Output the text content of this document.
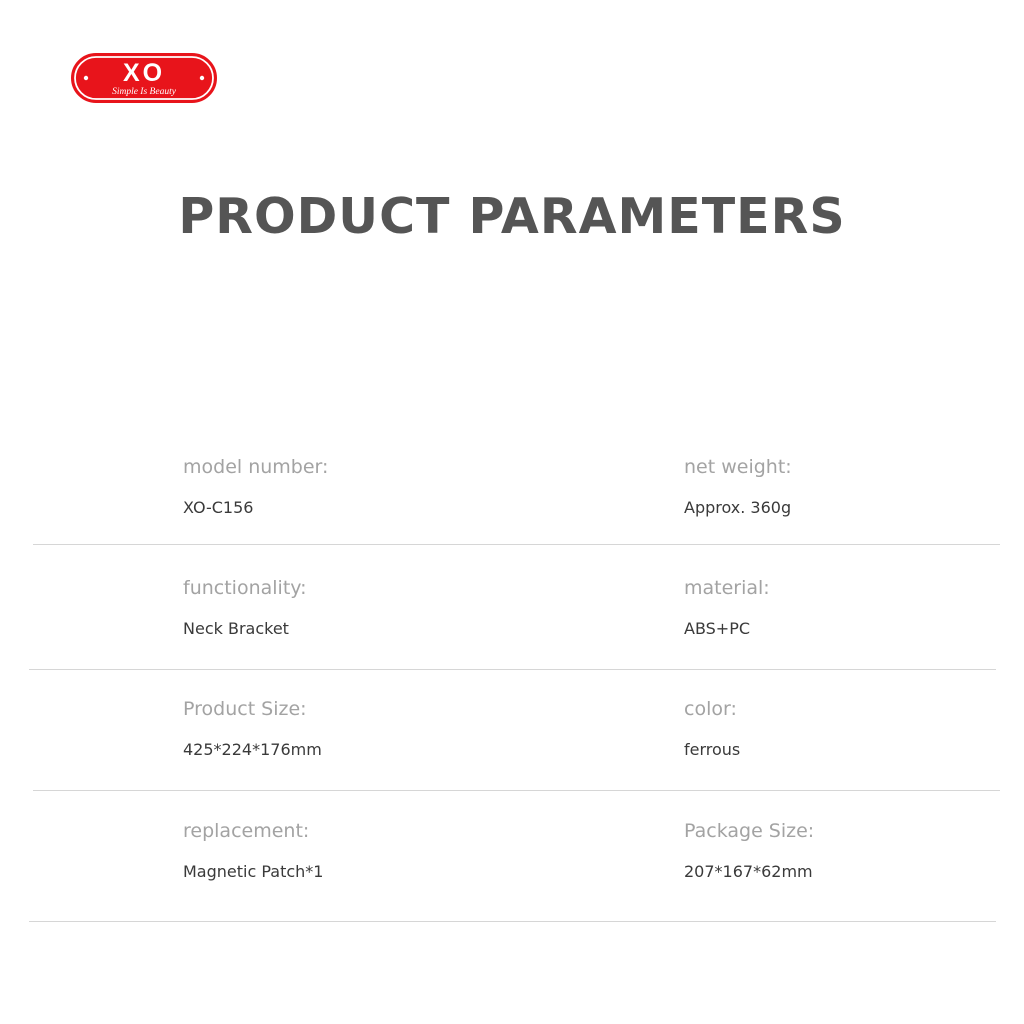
XO
Simple Is Beauty
PRODUCT PARAMETERS
model number:
XO-C156
net weight:
Approx. 360g
functionality:
Neck Bracket
material:
ABS+PC
Product Size:
425*224*176mm
color:
ferrous
replacement:
Magnetic Patch*1
Package Size:
207*167*62mm
